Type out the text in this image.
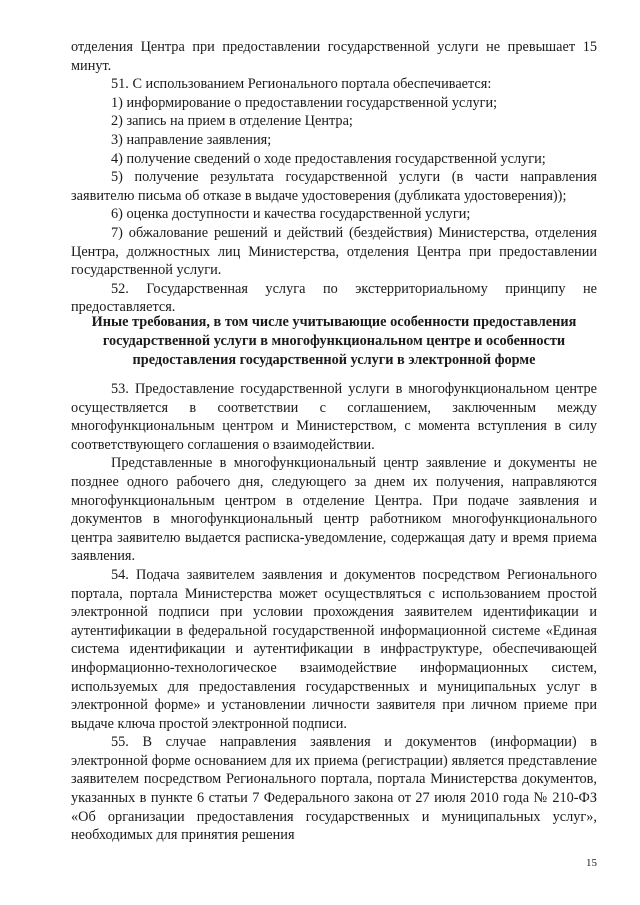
отделения Центра при предоставлении государственной услуги не превышает 15 минут.

51. С использованием Регионального портала обеспечивается:

1) информирование о предоставлении государственной услуги;

2) запись на прием в отделение Центра;

3) направление заявления;

4) получение сведений о ходе предоставления государственной услуги;

5) получение результата государственной услуги (в части направления заявителю письма об отказе в выдаче удостоверения (дубликата удостоверения));

6) оценка доступности и качества государственной услуги;

7) обжалование решений и действий (бездействия) Министерства, отделения Центра, должностных лиц Министерства, отделения Центра при предоставлении государственной услуги.

52. Государственная услуга по экстерриториальному принципу не предоставляется.

Иные требования, в том числе учитывающие особенности предоставления

государственной услуги в многофункциональном центре и особенности

предоставления государственной услуги в электронной форме

53. Предоставление государственной услуги в многофункциональном центре осуществляется в соответствии с соглашением, заключенным между многофункциональным центром и Министерством, с момента вступления в силу соответствующего соглашения о взаимодействии.

Представленные в многофункциональный центр заявление и документы не позднее одного рабочего дня, следующего за днем их получения, направляются многофункциональным центром в отделение Центра. При подаче заявления и документов в многофункциональный центр работником многофункционального центра заявителю выдается расписка-уведомление, содержащая дату и время приема заявления.

54. Подача заявителем заявления и документов посредством Регионального портала, портала Министерства может осуществляться с использованием простой электронной подписи при условии прохождения заявителем идентификации и аутентификации в федеральной государственной информационной системе «Единая система идентификации и аутентификации в инфраструктуре, обеспечивающей информационно-технологическое взаимодействие информационных систем, используемых для предоставления государственных и муниципальных услуг в электронной форме» и установлении личности заявителя при личном приеме при выдаче ключа простой электронной подписи.

55. В случае направления заявления и документов (информации) в электронной форме основанием для их приема (регистрации) является представление заявителем посредством Регионального портала, портала Министерства документов, указанных в пункте 6 статьи 7 Федерального закона от 27 июля 2010 года № 210-ФЗ «Об организации предоставления государственных и муниципальных услуг», необходимых для принятия решения

15
